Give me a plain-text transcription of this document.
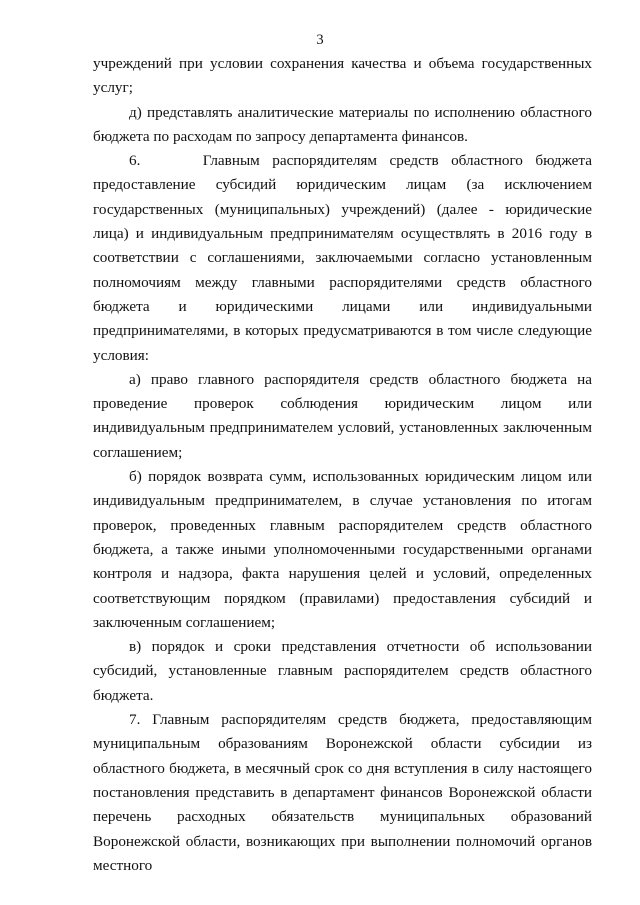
3

учреждений при условии сохранения качества и объема государственных услуг;

д) представлять аналитические материалы по исполнению областного бюджета по расходам по запросу департамента финансов.

6.     Главным распорядителям средств областного бюджета предоставление субсидий юридическим лицам (за исключением государственных (муниципальных) учреждений) (далее - юридические лица) и индивидуальным предпринимателям осуществлять в 2016 году в соответствии с соглашениями, заключаемыми согласно установленным полномочиям между главными распорядителями средств областного бюджета и юридическими лицами или индивидуальными предпринимателями, в которых предусматриваются в том числе следующие условия:

а) право главного распорядителя средств областного бюджета на проведение проверок соблюдения юридическим лицом или индивидуальным предпринимателем условий, установленных заключенным соглашением;

б) порядок возврата сумм, использованных юридическим лицом или индивидуальным предпринимателем, в случае установления по итогам проверок, проведенных главным распорядителем средств областного бюджета, а также иными уполномоченными государственными органами контроля и надзора, факта нарушения целей и условий, определенных соответствующим порядком (правилами) предоставления субсидий и заключенным соглашением;

в) порядок и сроки представления отчетности об использовании субсидий, установленные главным распорядителем средств областного бюджета.

7. Главным распорядителям средств бюджета, предоставляющим муниципальным образованиям Воронежской области субсидии из областного бюджета, в месячный срок со дня вступления в силу настоящего постановления представить в департамент финансов Воронежской области перечень расходных обязательств муниципальных образований Воронежской области, возникающих при выполнении полномочий органов местного
